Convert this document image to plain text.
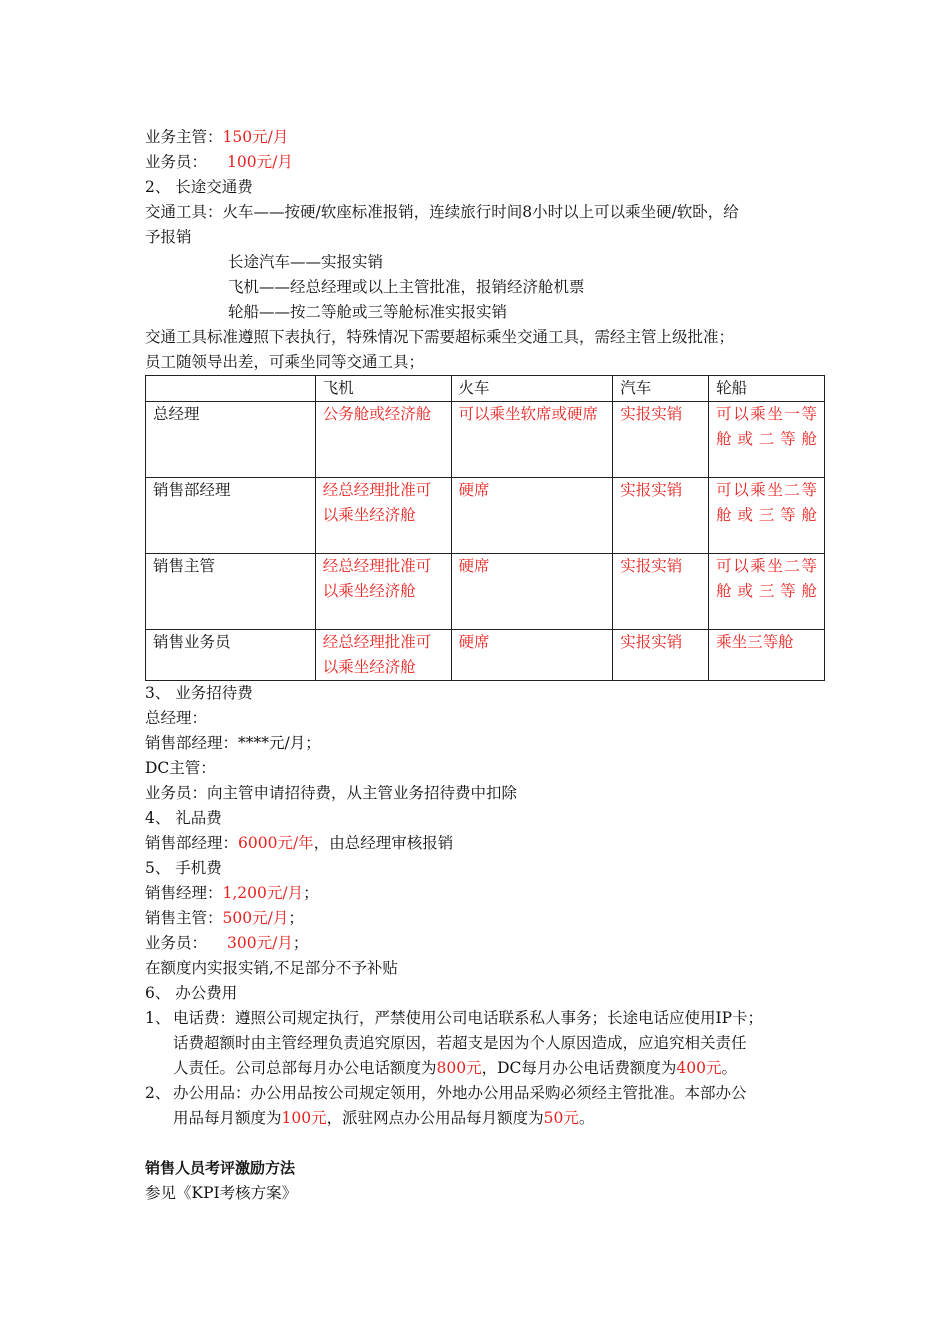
业务主管：150元/月
业务员： 100元/月
2、 长途交通费
交通工具：火车——按硬/软座标准报销，连续旅行时间8小时以上可以乘坐硬/软卧，给
予报销
长途汽车——实报实销
飞机——经总经理或以上主管批准，报销经济舱机票
轮船——按二等舱或三等舱标准实报实销
交通工具标准遵照下表执行，特殊情况下需要超标乘坐交通工具，需经主管上级批准；
员工随领导出差，可乘坐同等交通工具；
	飞机	火车	汽车	轮船
总经理	公务舱或经济舱	可以乘坐软席或硬席	实报实销	可以乘坐一等舱或二等舱
销售部经理	经总经理批准可以乘坐经济舱	硬席	实报实销	可以乘坐二等舱或三等舱
销售主管	经总经理批准可以乘坐经济舱	硬席	实报实销	可以乘坐二等舱或三等舱
销售业务员	经总经理批准可以乘坐经济舱	硬席	实报实销	乘坐三等舱
3、 业务招待费
总经理：
销售部经理：****元/月；
DC主管：
业务员：向主管申请招待费，从主管业务招待费中扣除
4、 礼品费
销售部经理：6000元/年，由总经理审核报销
5、 手机费
销售经理：1,200元/月；
销售主管：500元/月；
业务员： 300元/月；
在额度内实报实销,不足部分不予补贴
6、 办公费用
1、 电话费：遵照公司规定执行，严禁使用公司电话联系私人事务；长途电话应使用IP卡；
话费超额时由主管经理负责追究原因，若超支是因为个人原因造成，应追究相关责任
人责任。公司总部每月办公电话额度为800元，DC每月办公电话费额度为400元。
2、 办公用品：办公用品按公司规定领用，外地办公用品采购必须经主管批准。本部办公
用品每月额度为100元，派驻网点办公用品每月额度为50元。
销售人员考评激励方法
参见《KPI考核方案》
